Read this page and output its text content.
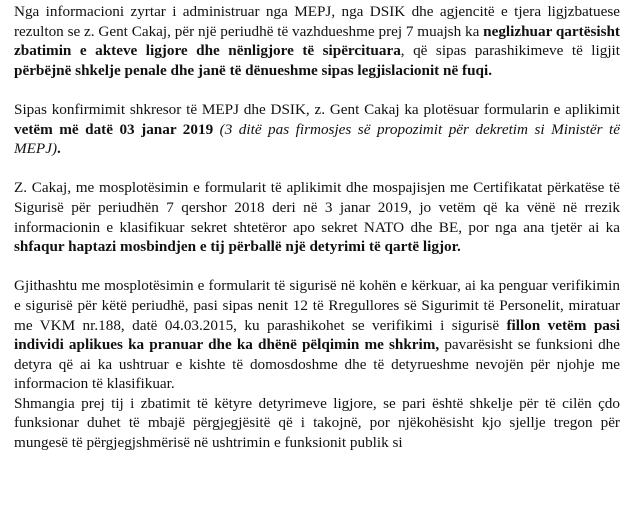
Nga informacioni zyrtar i administruar nga MEPJ, nga DSIK dhe agjencitë e tjera ligjzbatuese rezulton se z. Gent Cakaj, për një periudhë të vazhdueshme prej 7 muajsh ka neglizhuar qartësisht zbatimin e akteve ligjore dhe nënligjore të sipërcituara, që sipas parashikimeve të ligjit përbëjnë shkelje penale dhe janë të dënueshme sipas legjislacionit në fuqi.

Sipas konfirmimit shkresor të MEPJ dhe DSIK, z. Gent Cakaj ka plotësuar formularin e aplikimit vetëm më datë 03 janar 2019 (3 ditë pas firmosjes së propozimit për dekretim si Ministër të MEPJ).

Z. Cakaj, me mosplotësimin e formularit të aplikimit dhe mospajisjen me Certifikatat përkatëse të Sigurisë për periudhën 7 qershor 2018 deri në 3 janar 2019, jo vetëm që ka vënë në rrezik informacionin e klasifikuar sekret shtetëror apo sekret NATO dhe BE, por nga ana tjetër ai ka shfaqur haptazi mosbindjen e tij përballë një detyrimi të qartë ligjor.

Gjithashtu me mosplotësimin e formularit të sigurisë në kohën e kërkuar, ai ka penguar verifikimin e sigurisë për këtë periudhë, pasi sipas nenit 12 të Rregullores së Sigurimit të Personelit, miratuar me VKM nr.188, datë 04.03.2015, ku parashikohet se verifikimi i sigurisë fillon vetëm pasi individi aplikues ka pranuar dhe ka dhënë pëlqimin me shkrim, pavarësisht se funksioni dhe detyra që ai ka ushtruar e kishte të domosdoshme dhe të detyrueshme nevojën për njohje me informacion të klasifikuar.

Shmangia prej tij i zbatimit të këtyre detyrimeve ligjore, se pari është shkelje për të cilën çdo funksionar duhet të mbajë përgjegjësitë që i takojnë, por njëkohësisht kjo sjellje tregon për mungesë të përgjegjshmërisë në ushtrimin e funksionit publik si
